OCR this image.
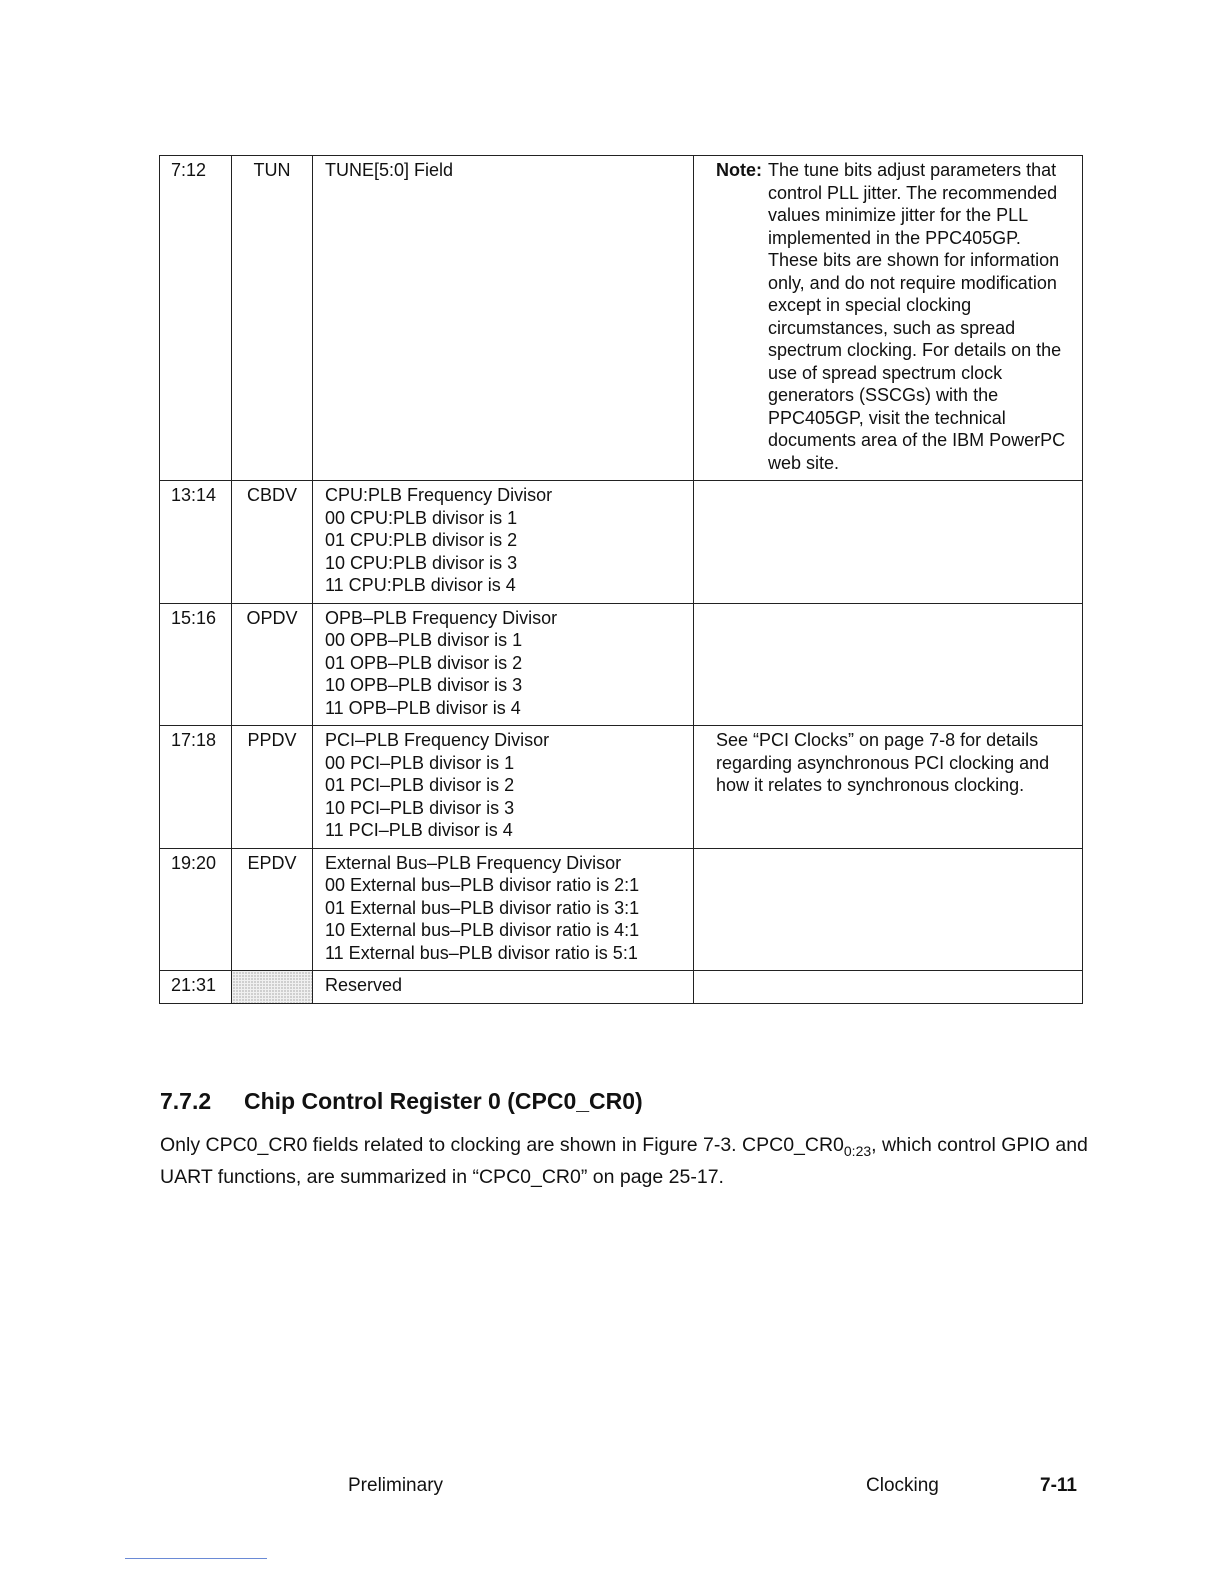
7:12	TUN	TUNE[5:0] Field	Note: The tune bits adjust parameters that control PLL jitter. The recommended values minimize jitter for the PLL implemented in the PPC405GP. These bits are shown for information only, and do not require modification except in special clocking circumstances, such as spread spectrum clocking. For details on the use of spread spectrum clock generators (SSCGs) with the PPC405GP, visit the technical documents area of the IBM PowerPC web site.

13:14	CBDV	CPU:PLB Frequency Divisor
00 CPU:PLB divisor is 1
01 CPU:PLB divisor is 2
10 CPU:PLB divisor is 3
11 CPU:PLB divisor is 4	

15:16	OPDV	OPB–PLB Frequency Divisor
00 OPB–PLB divisor is 1
01 OPB–PLB divisor is 2
10 OPB–PLB divisor is 3
11 OPB–PLB divisor is 4	

17:18	PPDV	PCI–PLB Frequency Divisor
00 PCI–PLB divisor is 1
01 PCI–PLB divisor is 2
10 PCI–PLB divisor is 3
11 PCI–PLB divisor is 4	See “PCI Clocks” on page 7-8 for details regarding asynchronous PCI clocking and how it relates to synchronous clocking.
19:20	EPDV	External Bus–PLB Frequency Divisor
00 External bus–PLB divisor ratio is 2:1
01 External bus–PLB divisor ratio is 3:1
10 External bus–PLB divisor ratio is 4:1
11 External bus–PLB divisor ratio is 5:1	

21:31		Reserved	

7.7.2 Chip Control Register 0 (CPC0_CR0)

Only CPC0_CR0 fields related to clocking are shown in Figure 7-3. $CPC0\_CR0_{0:23}$, which control GPIO and UART functions, are summarized in “CPC0_CR0” on page 25-17.

Preliminary	Clocking	7-11
